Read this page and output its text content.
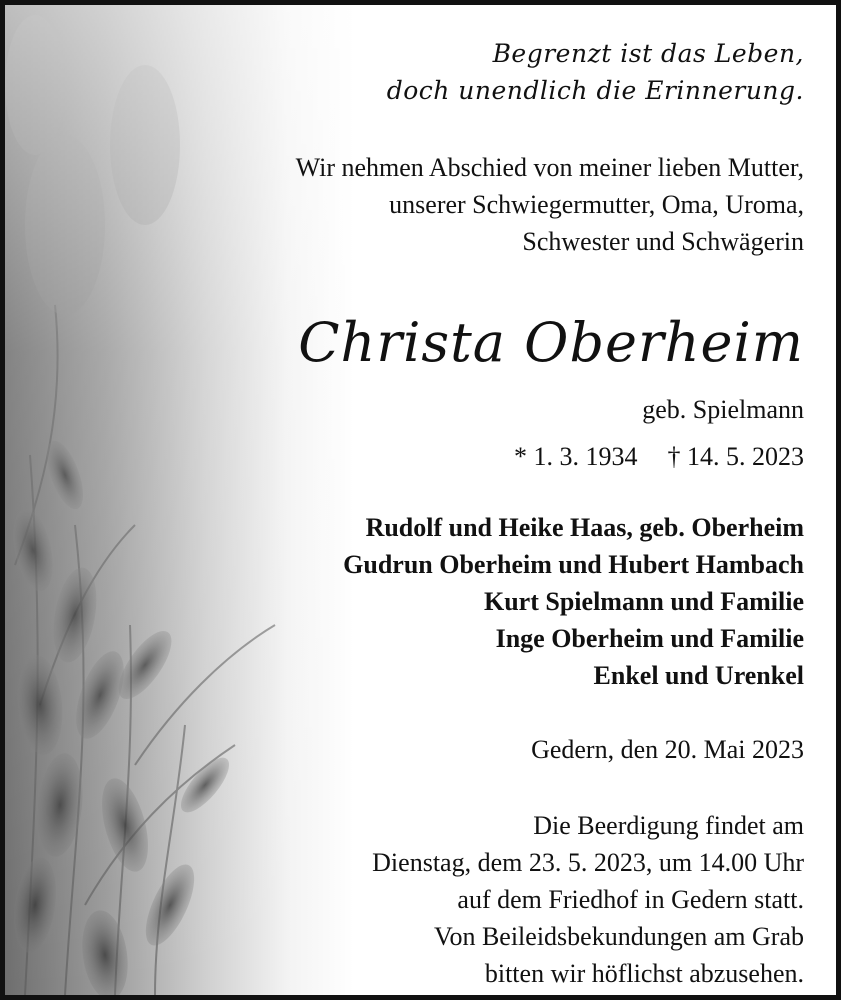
Begrenzt ist das Leben,
doch unendlich die Erinnerung.
Wir nehmen Abschied von meiner lieben Mutter,
unserer Schwiegermutter, Oma, Uroma,
Schwester und Schwägerin
Christa Oberheim
geb. Spielmann
* 1. 3. 1934 † 14. 5. 2023
Rudolf und Heike Haas, geb. Oberheim
Gudrun Oberheim und Hubert Hambach
Kurt Spielmann und Familie
Inge Oberheim und Familie
Enkel und Urenkel
Gedern, den 20. Mai 2023
Die Beerdigung findet am
Dienstag, dem 23. 5. 2023, um 14.00 Uhr
auf dem Friedhof in Gedern statt.
Von Beileidsbekundungen am Grab
bitten wir höflichst abzusehen.
